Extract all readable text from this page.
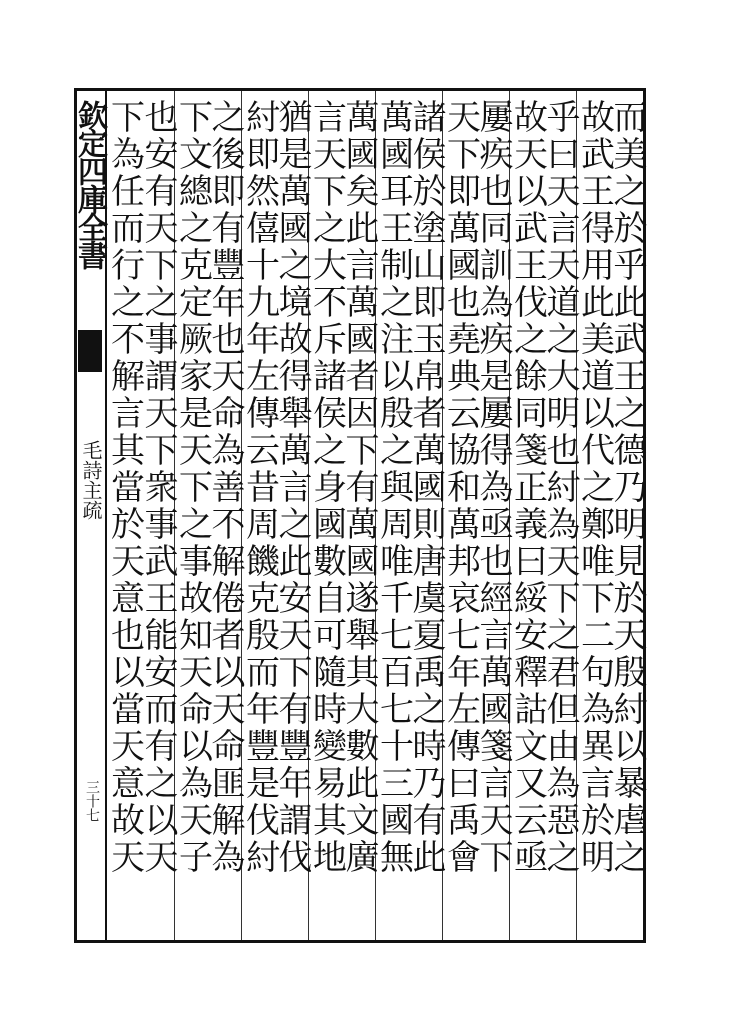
欽定四庫全書
毛詩主疏
三十七	而美之於乎此武王之德乃明見於天殷紂以暴虐之
故武王得用此美道以代之鄭唯下二句為異言於明
乎曰天言天道之大明也紂為天下之君但由為惡之
故天以武王伐之餘同箋正義曰綏安釋詁文又云亟
屢疾也同訓為疾是屢得為亟也經言萬國箋言天下
天下即萬國也堯典云協和萬邦哀七年左傳曰禹會
諸侯於塗山即玉帛者萬國則唐虞夏禹之時乃有此
萬國耳王制之注以殷之與周唯千七百七十三國無
萬國矣此言萬國者因下有萬國遂舉其大數此文廣
言天下之大不斥諸侯之身國數自可隨時變易其地
猶是萬國之境故得舉萬言之此安天下有豐年謂伐
紂即然僖十九年左傳云昔周饑克殷而年豐是伐紂
之後即有豐年也天命為善不解倦者以天命匪解為
下文總之克定厥家是天下之事故知天命以為天子
也安有天下之事謂天下衆事武王能安而有之以天
下為任而行之不解言其當於天意也以當天意故天
